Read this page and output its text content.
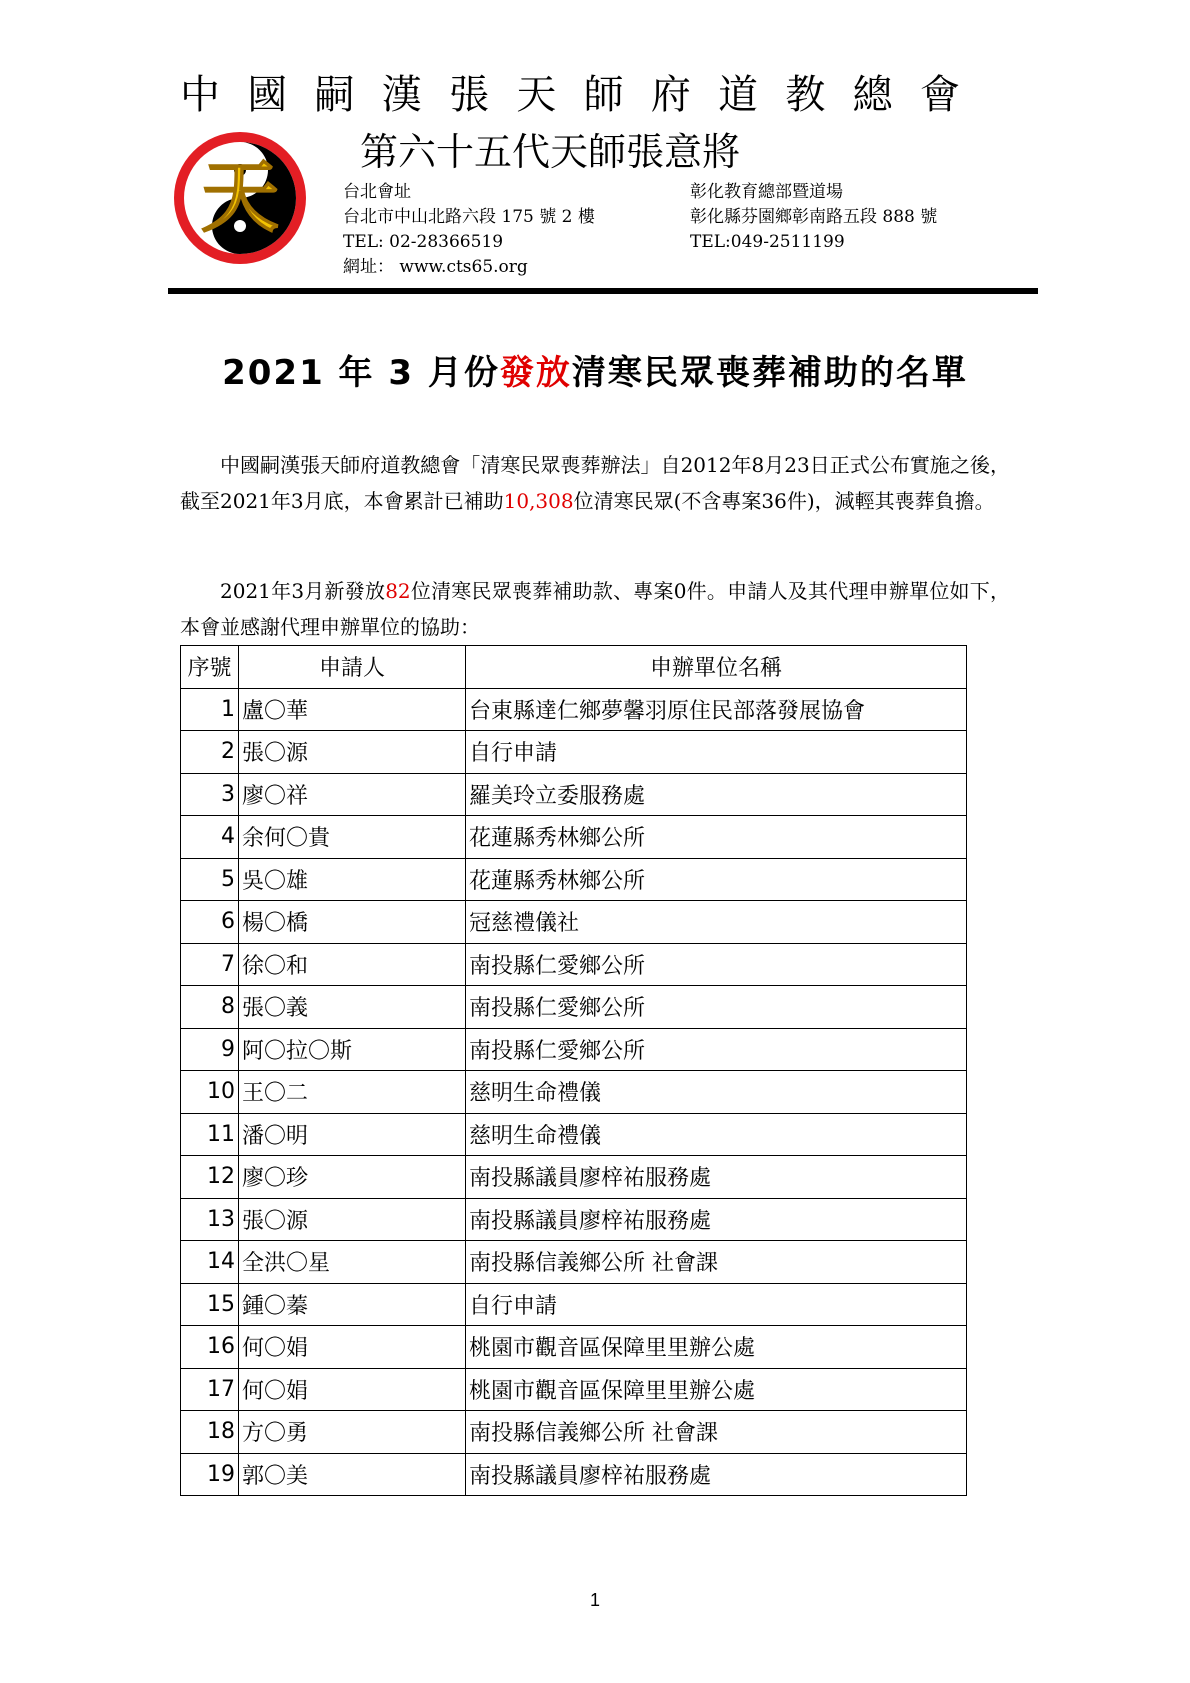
中 國 嗣 漢 張 天 師 府 道 教 總 會
第六十五代天師張意將
天	台北會址
台北市中山北路六段 175 號 2 樓
TEL: 02-28366519
網址： www.cts65.org
彰化教育總部暨道場
彰化縣芬園鄉彰南路五段 888 號
TEL:049-2511199
2021 年 3 月份發放清寒民眾喪葬補助的名單
中國嗣漢張天師府道教總會「清寒民眾喪葬辦法」自2012年8月23日正式公布實施之後，截至2021年3月底，本會累計已補助10,308位清寒民眾(不含專案36件)，減輕其喪葬負擔。
2021年3月新發放82位清寒民眾喪葬補助款、專案0件。申請人及其代理申辦單位如下，本會並感謝代理申辦單位的協助：
序號	申請人	申辦單位名稱
1	盧〇華	台東縣達仁鄉夢馨羽原住民部落發展協會
2	張〇源	自行申請
3	廖〇祥	羅美玲立委服務處
4	余何〇貴	花蓮縣秀林鄉公所
5	吳〇雄	花蓮縣秀林鄉公所
6	楊〇橋	冠慈禮儀社
7	徐〇和	南投縣仁愛鄉公所
8	張〇義	南投縣仁愛鄉公所
9	阿〇拉〇斯	南投縣仁愛鄉公所
10	王〇二	慈明生命禮儀
11	潘〇明	慈明生命禮儀
12	廖〇珍	南投縣議員廖梓祐服務處
13	張〇源	南投縣議員廖梓祐服務處
14	全洪〇星	南投縣信義鄉公所 社會課
15	鍾〇蓁	自行申請
16	何〇娟	桃園市觀音區保障里里辦公處
17	何〇娟	桃園市觀音區保障里里辦公處
18	方〇勇	南投縣信義鄉公所 社會課
19	郭〇美	南投縣議員廖梓祐服務處
1
